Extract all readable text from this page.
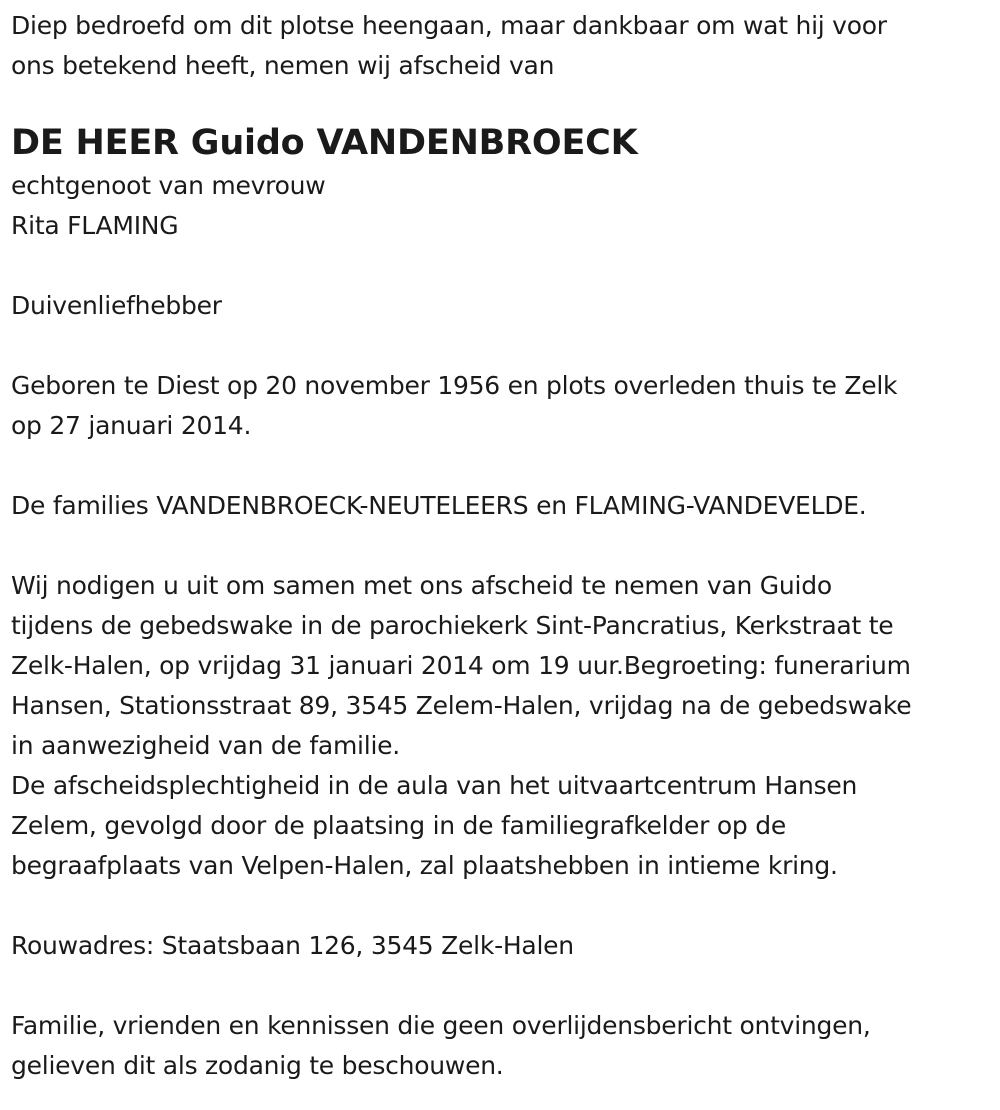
Diep bedroefd om dit plotse heengaan, maar dankbaar om wat hij voor
ons betekend heeft, nemen wij afscheid van
DE HEER Guido VANDENBROECK
echtgenoot van mevrouw
Rita FLAMING
Duivenliefhebber
Geboren te Diest op 20 november 1956 en plots overleden thuis te Zelk
op 27 januari 2014.
De families VANDENBROECK-NEUTELEERS en FLAMING-VANDEVELDE.
Wij nodigen u uit om samen met ons afscheid te nemen van Guido
tijdens de gebedswake in de parochiekerk Sint-Pancratius, Kerkstraat te
Zelk-Halen, op vrijdag 31 januari 2014 om 19 uur.Begroeting: funerarium
Hansen, Stationsstraat 89, 3545 Zelem-Halen, vrijdag na de gebedswake
in aanwezigheid van de familie.
De afscheidsplechtigheid in de aula van het uitvaartcentrum Hansen
Zelem, gevolgd door de plaatsing in de familiegrafkelder op de
begraafplaats van Velpen-Halen, zal plaatshebben in intieme kring.
Rouwadres: Staatsbaan 126, 3545 Zelk-Halen
Familie, vrienden en kennissen die geen overlijdensbericht ontvingen,
gelieven dit als zodanig te beschouwen.
